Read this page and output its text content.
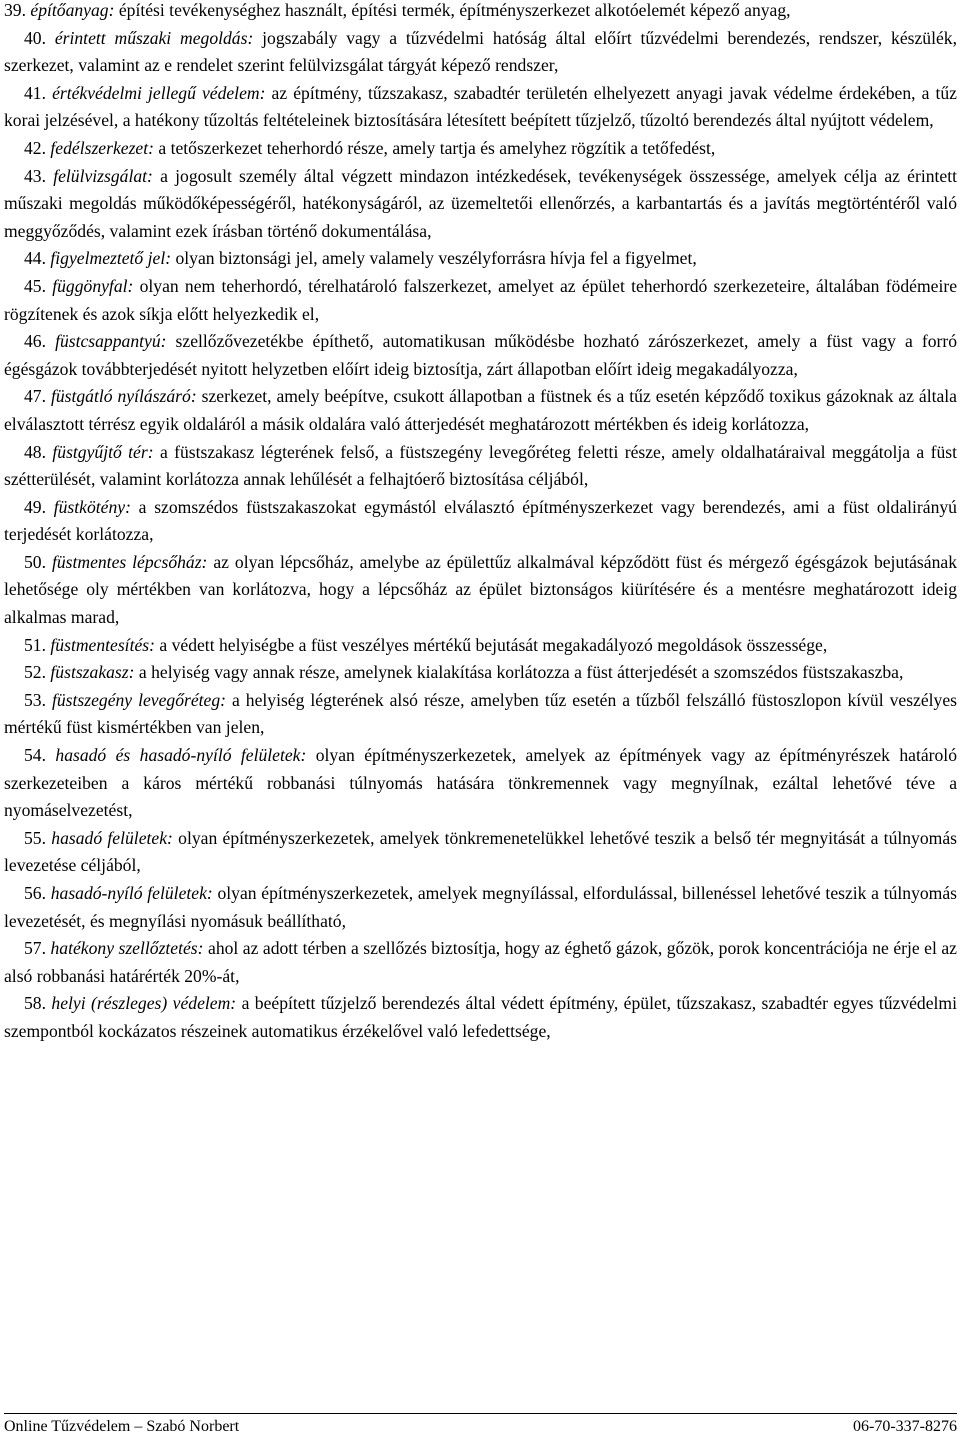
39. építőanyag: építési tevékenységhez használt, építési termék, építményszerkezet alkotóelemét képező anyag,

40. érintett műszaki megoldás: jogszabály vagy a tűzvédelmi hatóság által előírt tűzvédelmi berendezés, rendszer, készülék, szerkezet, valamint az e rendelet szerint felülvizsgálat tárgyát képező rendszer,

41. értékvédelmi jellegű védelem: az építmény, tűzszakasz, szabadtér területén elhelyezett anyagi javak védelme érdekében, a tűz korai jelzésével, a hatékony tűzoltás feltételeinek biztosítására létesített beépített tűzjelző, tűzoltó berendezés által nyújtott védelem,

42. fedélszerkezet: a tetőszerkezet teherhordó része, amely tartja és amelyhez rögzítik a tetőfedést,

43. felülvizsgálat: a jogosult személy által végzett mindazon intézkedések, tevékenységek összessége, amelyek célja az érintett műszaki megoldás működőképességéről, hatékonyságáról, az üzemeltetői ellenőrzés, a karbantartás és a javítás megtörténtéről való meggyőződés, valamint ezek írásban történő dokumentálása,

44. figyelmeztető jel: olyan biztonsági jel, amely valamely veszélyforrásra hívja fel a figyelmet,

45. függönyfal: olyan nem teherhordó, térelhatároló falszerkezet, amelyet az épület teherhordó szerkezeteire, általában födémeire rögzítenek és azok síkja előtt helyezkedik el,

46. füstcsappantyú: szellőzővezetékbe építhető, automatikusan működésbe hozható zárószerkezet, amely a füst vagy a forró égésgázok továbbterjedését nyitott helyzetben előírt ideig biztosítja, zárt állapotban előírt ideig megakadályozza,

47. füstgátló nyílászáró: szerkezet, amely beépítve, csukott állapotban a füstnek és a tűz esetén képződő toxikus gázoknak az általa elválasztott térrész egyik oldaláról a másik oldalára való átterjedését meghatározott mértékben és ideig korlátozza,

48. füstgyűjtő tér: a füstszakasz légterének felső, a füstszegény levegőréteg feletti része, amely oldalhatáraival meggátolja a füst szétterülését, valamint korlátozza annak lehűlését a felhajtóerő biztosítása céljából,

49. füstkötény: a szomszédos füstszakaszokat egymástól elválasztó építményszerkezet vagy berendezés, ami a füst oldalirányú terjedését korlátozza,

50. füstmentes lépcsőház: az olyan lépcsőház, amelybe az épülettűz alkalmával képződött füst és mérgező égésgázok bejutásának lehetősége oly mértékben van korlátozva, hogy a lépcsőház az épület biztonságos kiürítésére és a mentésre meghatározott ideig alkalmas marad,

51. füstmentesítés: a védett helyiségbe a füst veszélyes mértékű bejutását megakadályozó megoldások összessége,

52. füstszakasz: a helyiség vagy annak része, amelynek kialakítása korlátozza a füst átterjedését a szomszédos füstszakaszba,

53. füstszegény levegőréteg: a helyiség légterének alsó része, amelyben tűz esetén a tűzből felszálló füstoszlopon kívül veszélyes mértékű füst kismértékben van jelen,

54. hasadó és hasadó-nyíló felületek: olyan építményszerkezetek, amelyek az építmények vagy az építményrészek határoló szerkezeteiben a káros mértékű robbanási túlnyomás hatására tönkremennek vagy megnyílnak, ezáltal lehetővé téve a nyomáselvezetést,

55. hasadó felületek: olyan építményszerkezetek, amelyek tönkremenetelükkel lehetővé teszik a belső tér megnyitását a túlnyomás levezetése céljából,

56. hasadó-nyíló felületek: olyan építményszerkezetek, amelyek megnyílással, elfordulással, billenéssel lehetővé teszik a túlnyomás levezetését, és megnyílási nyomásuk beállítható,

57. hatékony szellőztetés: ahol az adott térben a szellőzés biztosítja, hogy az éghető gázok, gőzök, porok koncentrációja ne érje el az alsó robbanási határérték 20%-át,

58. helyi (részleges) védelem: a beépített tűzjelző berendezés által védett építmény, épület, tűzszakasz, szabadtér egyes tűzvédelmi szempontból kockázatos részeinek automatikus érzékelővel való lefedettsége,

Online Tűzvédelem – Szabó Norbert	06-70-337-8276
